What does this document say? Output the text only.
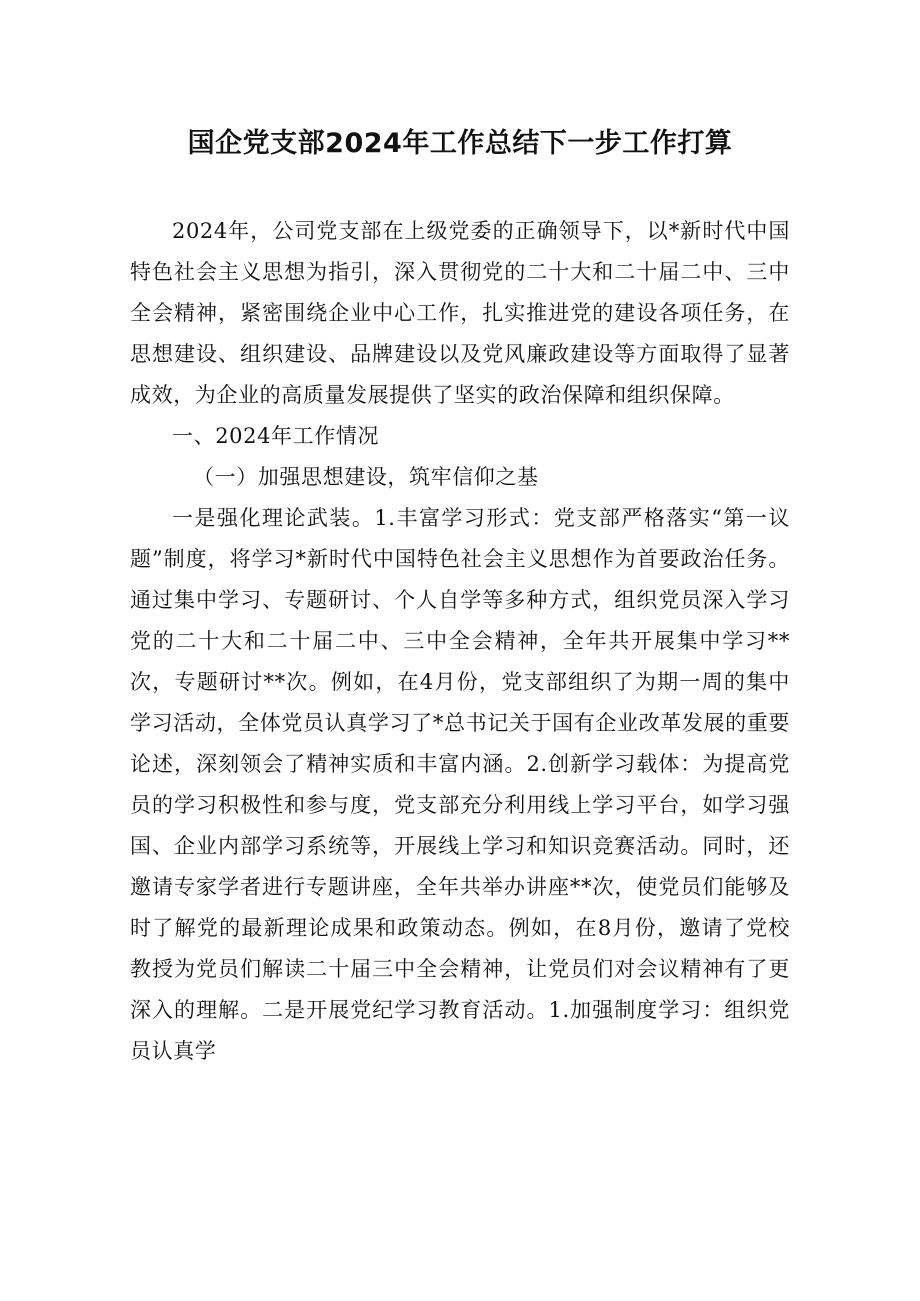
国企党支部2024年工作总结下一步工作打算

2024年，公司党支部在上级党委的正确领导下，以*新时代中国特色社会主义思想为指引，深入贯彻党的二十大和二十届二中、三中全会精神，紧密围绕企业中心工作，扎实推进党的建设各项任务，在思想建设、组织建设、品牌建设以及党风廉政建设等方面取得了显著成效，为企业的高质量发展提供了坚实的政治保障和组织保障。

一、2024年工作情况

（一）加强思想建设，筑牢信仰之基

一是强化理论武装。1.丰富学习形式：党支部严格落实“第一议题”制度，将学习*新时代中国特色社会主义思想作为首要政治任务。通过集中学习、专题研讨、个人自学等多种方式，组织党员深入学习党的二十大和二十届二中、三中全会精神，全年共开展集中学习**次，专题研讨**次。例如，在4月份，党支部组织了为期一周的集中学习活动，全体党员认真学习了*总书记关于国有企业改革发展的重要论述，深刻领会了精神实质和丰富内涵。2.创新学习载体：为提高党员的学习积极性和参与度，党支部充分利用线上学习平台，如学习强国、企业内部学习系统等，开展线上学习和知识竞赛活动。同时，还邀请专家学者进行专题讲座，全年共举办讲座**次，使党员们能够及时了解党的最新理论成果和政策动态。例如，在8月份，邀请了党校教授为党员们解读二十届三中全会精神，让党员们对会议精神有了更深入的理解。二是开展党纪学习教育活动。1.加强制度学习：组织党员认真学
